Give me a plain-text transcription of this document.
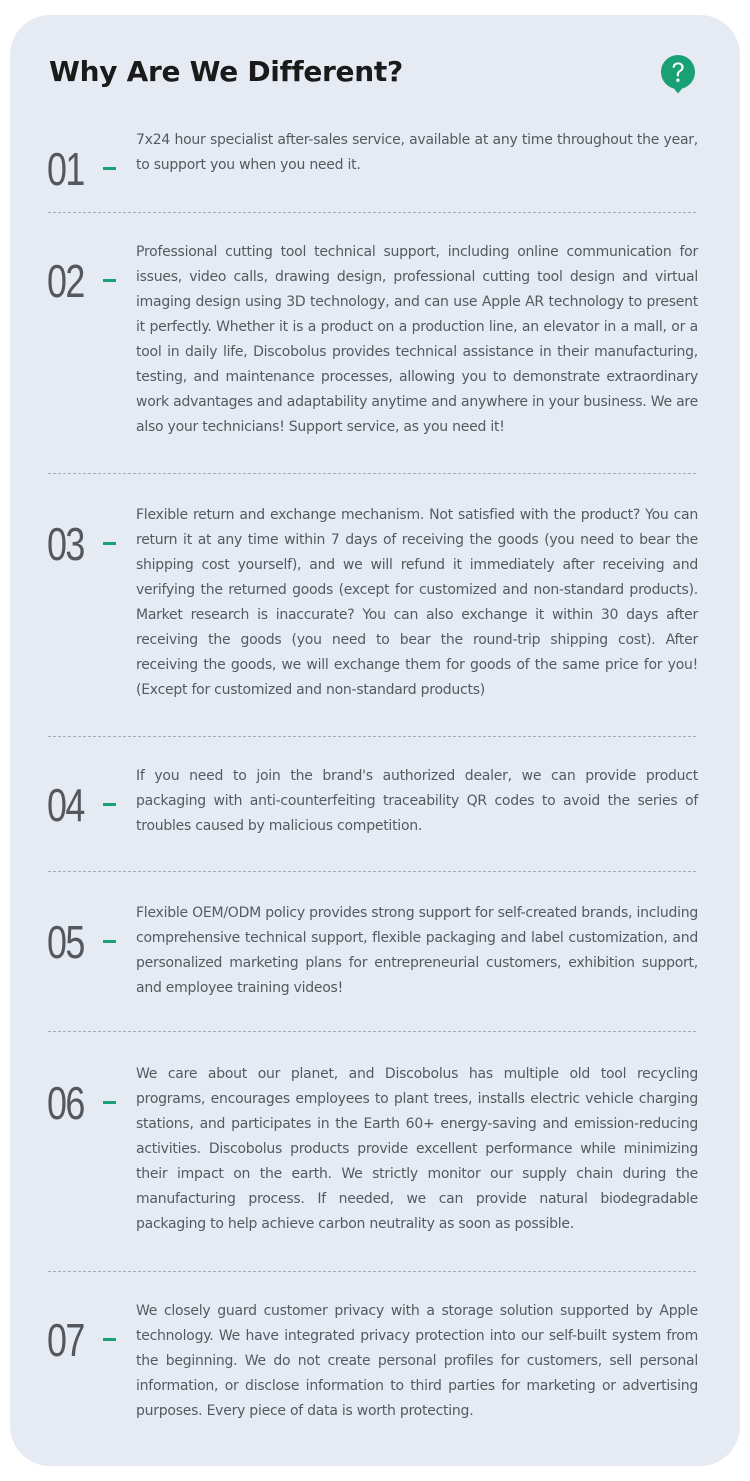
Why Are We Different?
01

7x24 hour specialist after-sales service, available at any time throughout the year, to support you when you need it.

02

Professional cutting tool technical support, including online communication for issues, video calls, drawing design, professional cutting tool design and virtual imaging design using 3D technology, and can use Apple AR technology to present it perfectly. Whether it is a product on a production line, an elevator in a mall, or a tool in daily life, Discobolus provides technical assistance in their manufacturing, testing, and maintenance processes, allowing you to demonstrate extraordinary work advantages and adaptability anytime and anywhere in your business. We are also your technicians! Support service, as you need it!

03

Flexible return and exchange mechanism. Not satisfied with the product? You can return it at any time within 7 days of receiving the goods (you need to bear the shipping cost yourself), and we will refund it immediately after receiving and verifying the returned goods (except for customized and non-standard products). Market research is inaccurate? You can also exchange it within 30 days after receiving the goods (you need to bear the round-trip shipping cost). After receiving the goods, we will exchange them for goods of the same price for you! (Except for customized and non-standard products)

04

If you need to join the brand's authorized dealer, we can provide product packaging with anti-counterfeiting traceability QR codes to avoid the series of troubles caused by malicious competition.

05

Flexible OEM/ODM policy provides strong support for self-created brands, including comprehensive technical support, flexible packaging and label customization, and personalized marketing plans for entrepreneurial customers, exhibition support, and employee training videos!

06

We care about our planet, and Discobolus has multiple old tool recycling programs, encourages employees to plant trees, installs electric vehicle charging stations, and participates in the Earth 60+ energy-saving and emission-reducing activities. Discobolus products provide excellent performance while minimizing their impact on the earth. We strictly monitor our supply chain during the manufacturing process. If needed, we can provide natural biodegradable packaging to help achieve carbon neutrality as soon as possible.

07

We closely guard customer privacy with a storage solution supported by Apple technology. We have integrated privacy protection into our self-built system from the beginning. We do not create personal profiles for customers, sell personal information, or disclose information to third parties for marketing or advertising purposes. Every piece of data is worth protecting.
